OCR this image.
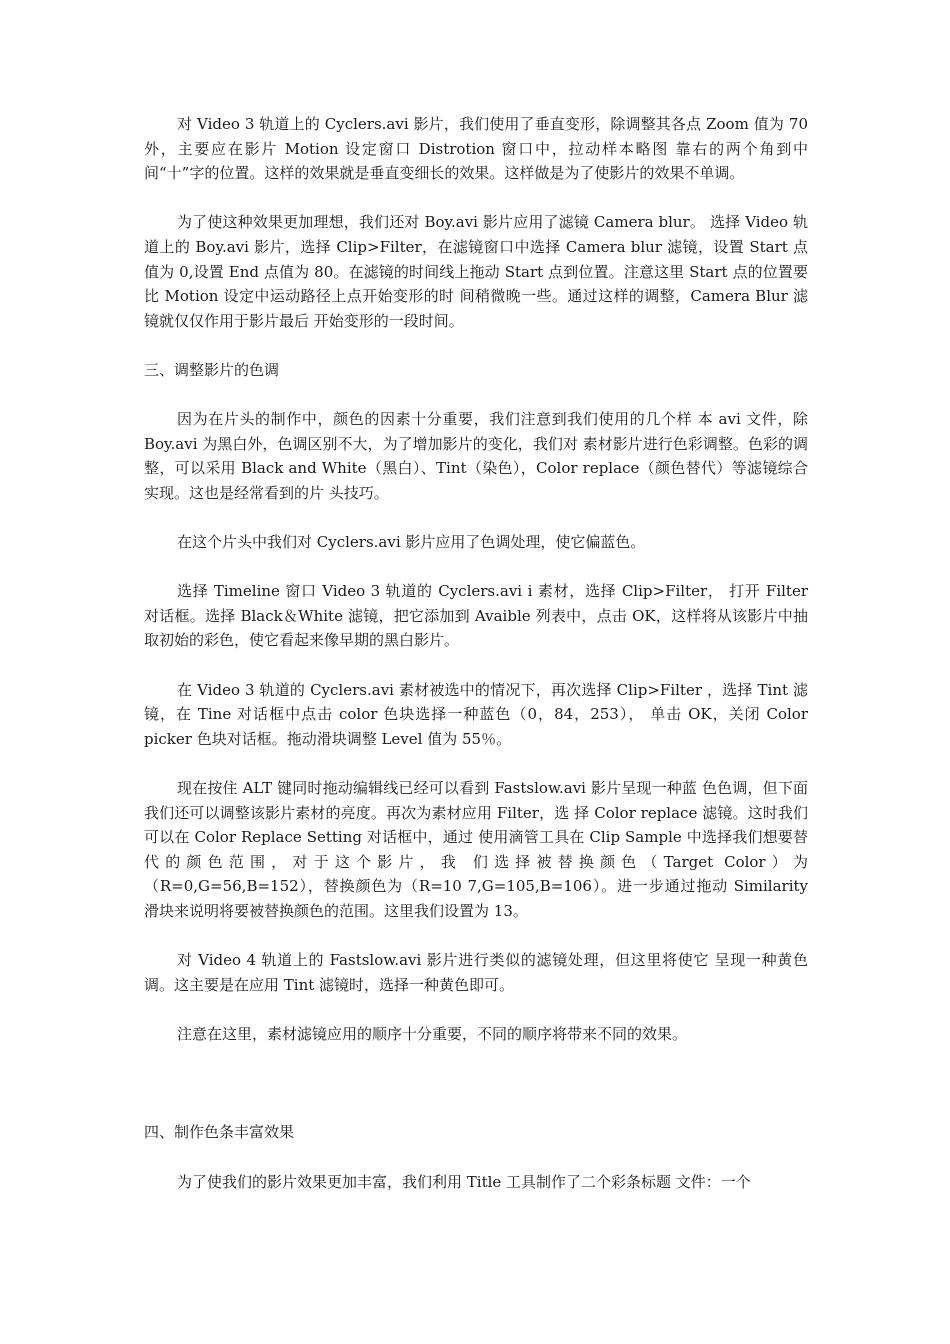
对 Video 3 轨道上的 Cyclers.avi 影片，我们使用了垂直变形，除调整其各点 Zoom 值为 70 外，主要应在影片 Motion 设定窗口 Distrotion 窗口中，拉动样本略图 靠右的两个角到中间“十”字的位置。这样的效果就是垂直变细长的效果。这样做是为了使影片的效果不单调。

为了使这种效果更加理想，我们还对 Boy.avi 影片应用了滤镜 Camera blur。 选择 Video 轨道上的 Boy.avi 影片，选择 Clip>Filter，在滤镜窗口中选择 Camera blur 滤镜，设置 Start 点值为 0,设置 End 点值为 80。在滤镜的时间线上拖动 Start 点到位置。注意这里 Start 点的位置要比 Motion 设定中运动路径上点开始变形的时 间稍微晚一些。通过这样的调整，Camera Blur 滤镜就仅仅作用于影片最后 开始变形的一段时间。

三、调整影片的色调

因为在片头的制作中，颜色的因素十分重要，我们注意到我们使用的几个样 本 avi 文件，除 Boy.avi 为黑白外，色调区别不大，为了增加影片的变化，我们对 素材影片进行色彩调整。色彩的调整，可以采用 Black and White（黑白）、Tint（染色），Color replace（颜色替代）等滤镜综合实现。这也是经常看到的片 头技巧。

在这个片头中我们对 Cyclers.avi 影片应用了色调处理，使它偏蓝色。

选择 Timeline 窗口 Video 3 轨道的 Cyclers.avi i 素材，选择 Clip>Filter， 打开 Filter 对话框。选择 Black＆White 滤镜，把它添加到 Avaible 列表中，点击 OK，这样将从该影片中抽取初始的彩色，使它看起来像早期的黑白影片。

在 Video 3 轨道的 Cyclers.avi 素材被选中的情况下，再次选择 Clip>Filter ，选择 Tint 滤镜，在 Tine 对话框中点击 color 色块选择一种蓝色（0，84，253）， 单击 OK，关闭 Color picker 色块对话框。拖动滑块调整 Level 值为 55％。

现在按住 ALT 键同时拖动编辑线已经可以看到 Fastslow.avi 影片呈现一种蓝 色色调，但下面我们还可以调整该影片素材的亮度。再次为素材应用 Filter，选 择 Color replace 滤镜。这时我们可以在 Color Replace Setting 对话框中，通过 使用滴管工具在 Clip Sample 中选择我们想要替代的颜色范围，对于这个影片，我 们选择被替换颜色（Target Color）为（R=0,G=56,B=152），替换颜色为（R=10 7,G=105,B=106）。进一步通过拖动 Similarity 滑块来说明将要被替换颜色的范围。这里我们设置为 13。

对 Video 4 轨道上的 Fastslow.avi 影片进行类似的滤镜处理，但这里将使它 呈现一种黄色调。这主要是在应用 Tint 滤镜时，选择一种黄色即可。

注意在这里，素材滤镜应用的顺序十分重要，不同的顺序将带来不同的效果。

四、制作色条丰富效果

为了使我们的影片效果更加丰富，我们利用 Title 工具制作了二个彩条标题 文件：一个
